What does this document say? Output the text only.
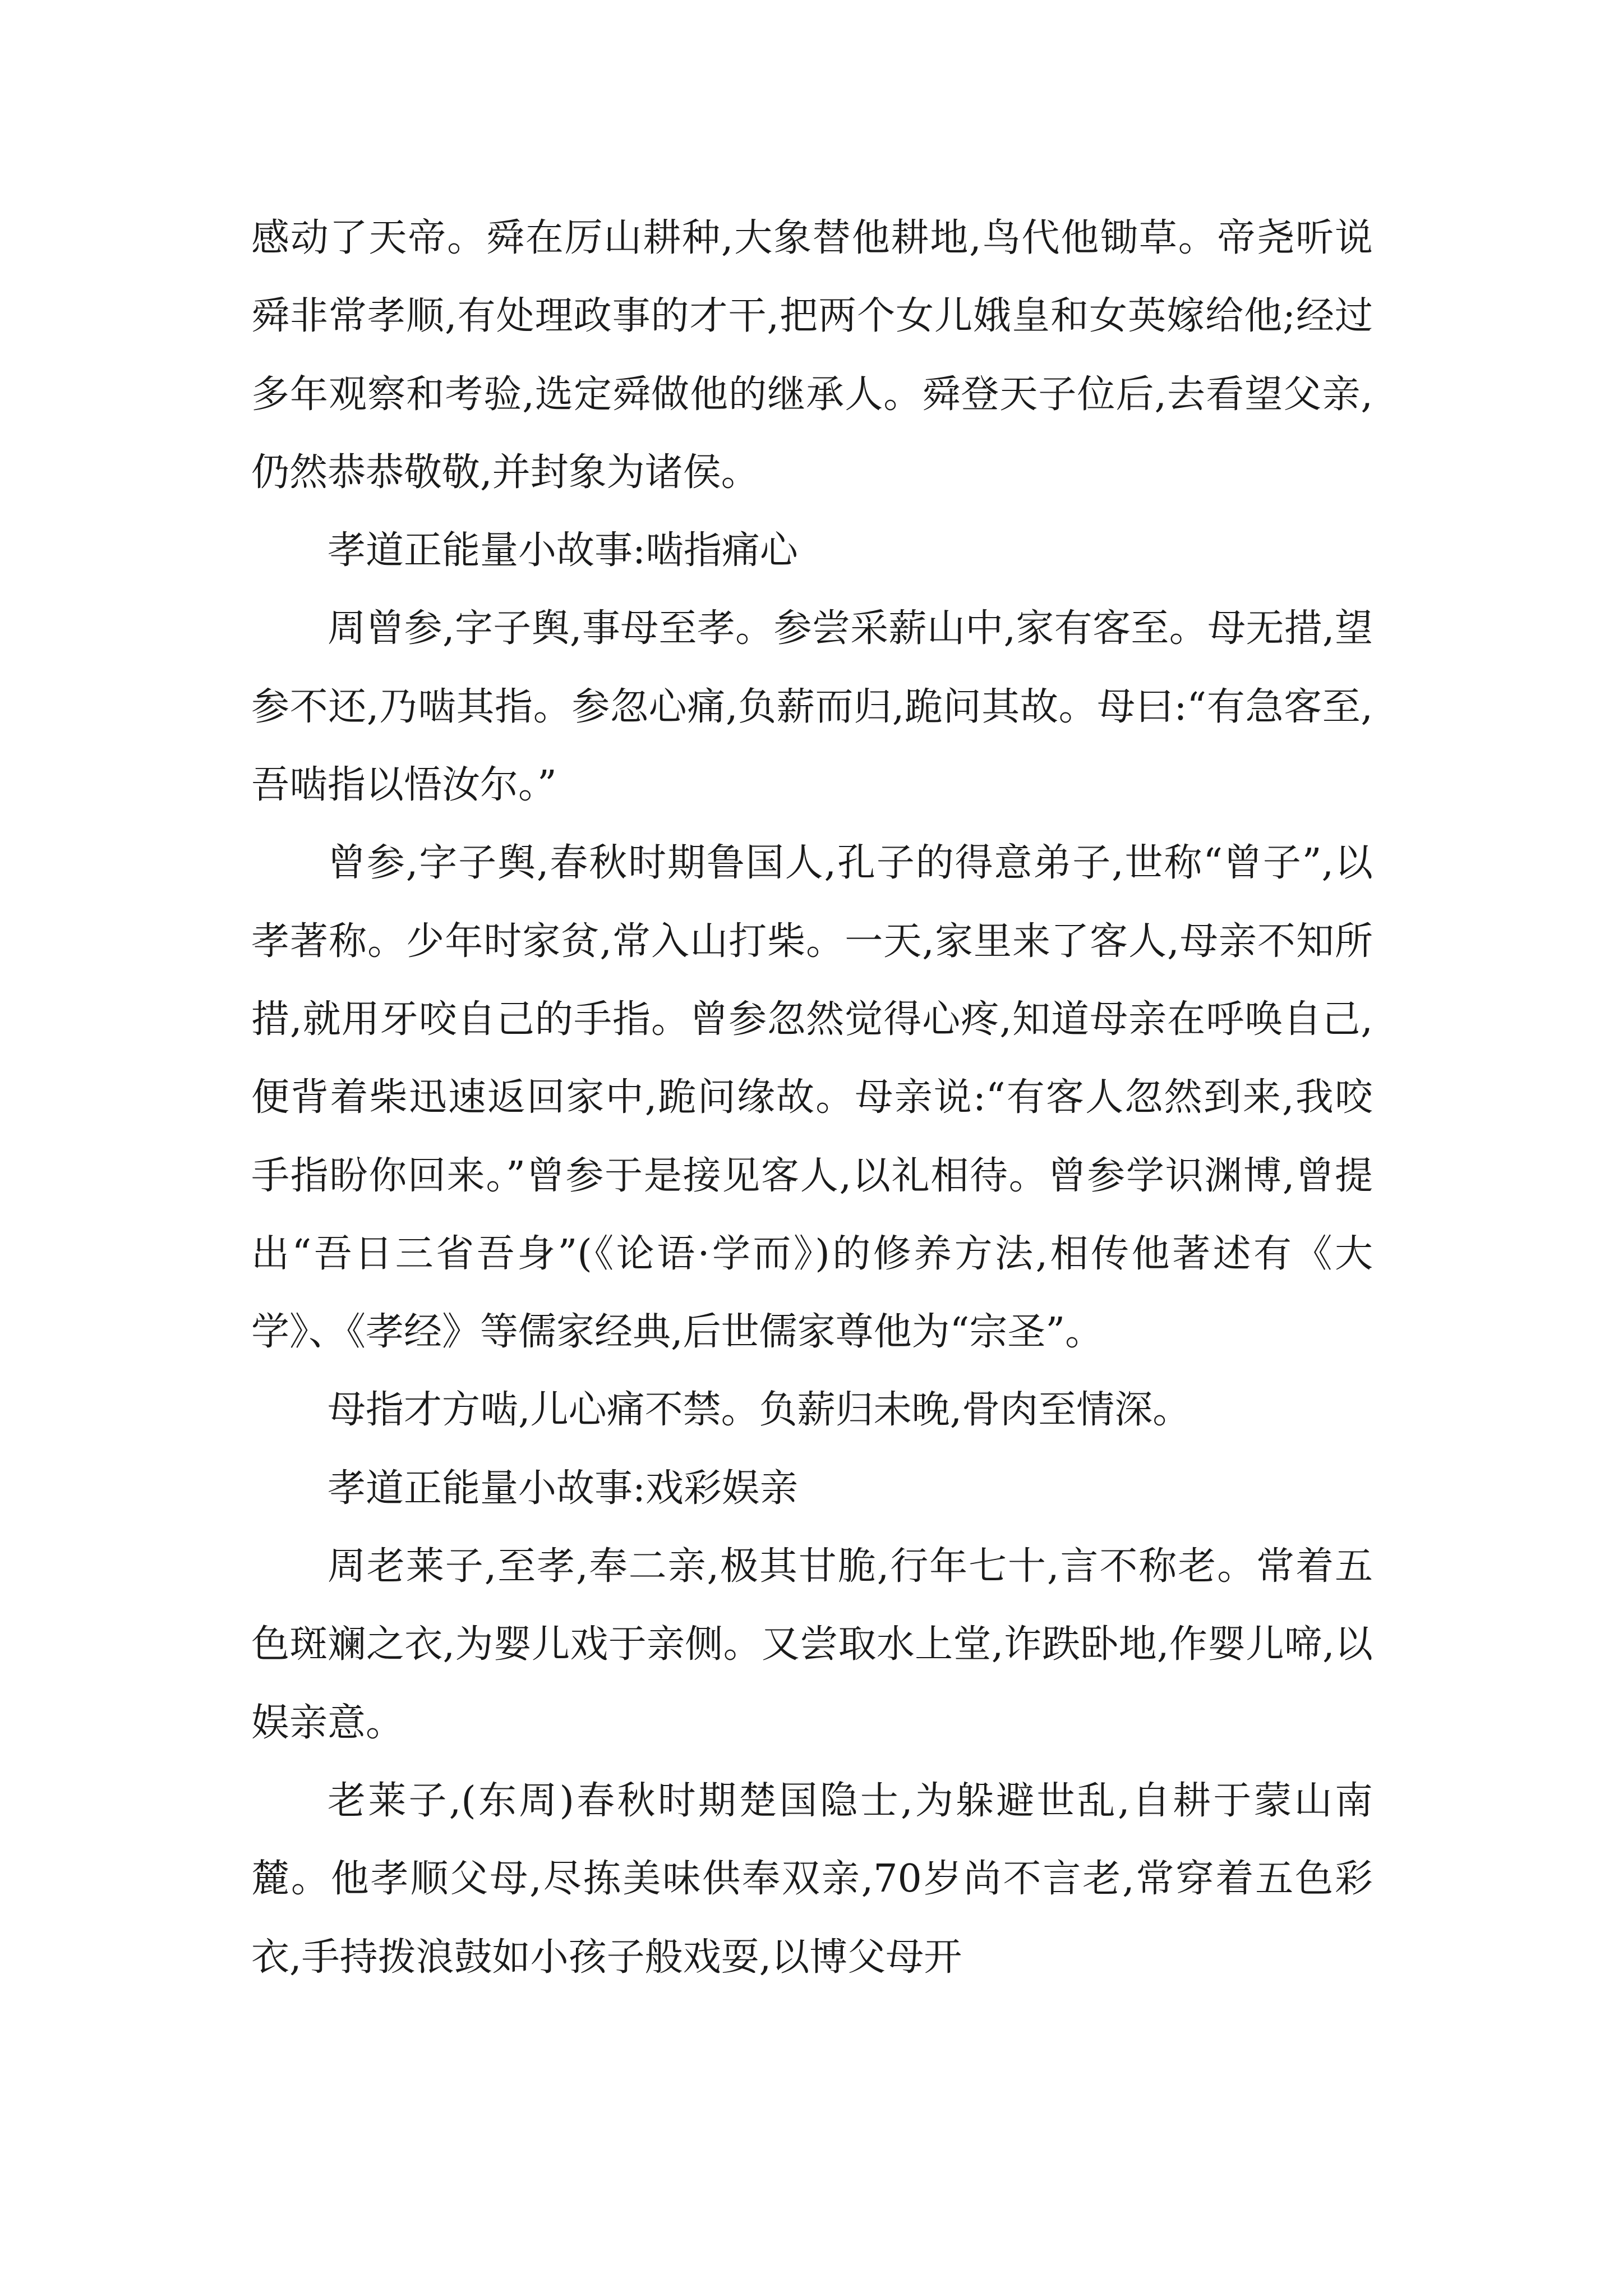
感动了天帝。舜在厉山耕种,大象替他耕地,鸟代他锄草。帝尧听说舜非常孝顺,有处理政事的才干,把两个女儿娥皇和女英嫁给他;经过多年观察和考验,选定舜做他的继承人。舜登天子位后,去看望父亲,仍然恭恭敬敬,并封象为诸侯。

孝道正能量小故事:啮指痛心

周曾参,字子舆,事母至孝。参尝采薪山中,家有客至。母无措,望参不还,乃啮其指。参忽心痛,负薪而归,跪问其故。母曰:“有急客至,吾啮指以悟汝尔。”

曾参,字子舆,春秋时期鲁国人,孔子的得意弟子,世称“曾子”,以孝著称。少年时家贫,常入山打柴。一天,家里来了客人,母亲不知所措,就用牙咬自己的手指。曾参忽然觉得心疼,知道母亲在呼唤自己,便背着柴迅速返回家中,跪问缘故。母亲说:“有客人忽然到来,我咬手指盼你回来。”曾参于是接见客人,以礼相待。曾参学识渊博,曾提出“吾日三省吾身”(《论语·学而》)的修养方法,相传他著述有《大学》、《孝经》等儒家经典,后世儒家尊他为“宗圣”。

母指才方啮,儿心痛不禁。负薪归未晚,骨肉至情深。

孝道正能量小故事:戏彩娱亲

周老莱子,至孝,奉二亲,极其甘脆,行年七十,言不称老。常着五色斑斓之衣,为婴儿戏于亲侧。又尝取水上堂,诈跌卧地,作婴儿啼,以娱亲意。

老莱子,(东周)春秋时期楚国隐士,为躲避世乱,自耕于蒙山南麓。他孝顺父母,尽拣美味供奉双亲,70岁尚不言老,常穿着五色彩衣,手持拨浪鼓如小孩子般戏耍,以博父母开
